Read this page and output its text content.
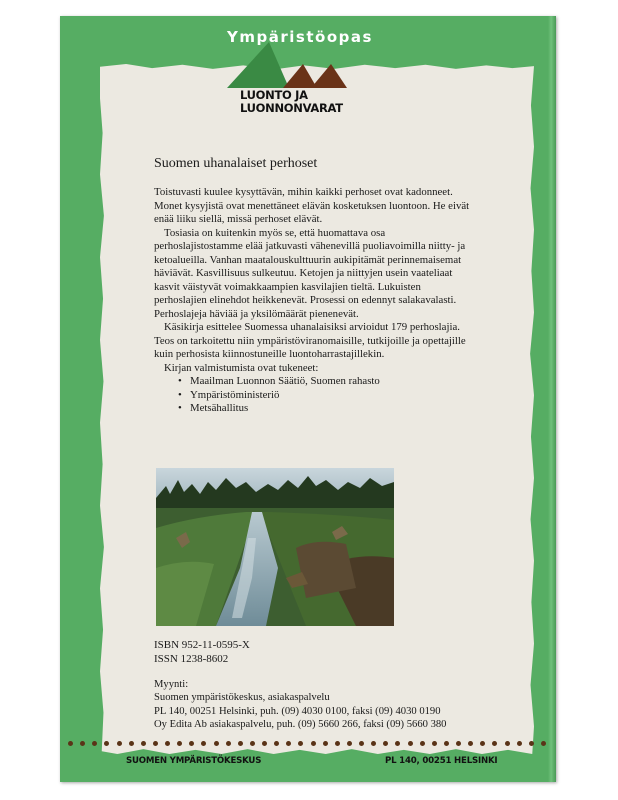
Ympäristöopas
LUONTO JA
LUONNONVARAT
Suomen uhanalaiset perhoset

Toistuvasti kuulee kysyttävän, mihin kaikki perhoset ovat kadonneet. Monet kysyjistä ovat menettäneet elävän kosketuksen luontoon. He eivät enää liiku siellä, missä perhoset elävät.

Tosiasia on kuitenkin myös se, että huomattava osa perhoslajistostamme elää jatkuvasti vähenevillä puoliavoimilla niitty- ja ketoalueilla. Vanhan maatalouskulttuurin aukipitämät perinnemaisemat häviävät. Kasvillisuus sulkeutuu. Ketojen ja niittyjen usein vaateliaat kasvit väistyvät voimakkaampien kasvilajien tieltä. Lukuisten perhoslajien elinehdot heikkenevät. Prosessi on edennyt salakavalasti. Perhoslajeja häviää ja yksilömäärät pienenevät.

Käsikirja esittelee Suomessa uhanalaisiksi arvioidut 179 perhoslajia. Teos on tarkoitettu niin ympäristöviranomaisille, tutkijoille ja opettajille kuin perhosista kiinnostuneille luontoharrastajillekin.

Kirjan valmistumista ovat tukeneet:

• Maailman Luonnon Säätiö, Suomen rahasto
• Ympäristöministeriö
• Metsähallitus
ISBN 952-11-0595-X
ISSN 1238-8602
Myynti:
Suomen ympäristökeskus, asiakaspalvelu
PL 140, 00251 Helsinki, puh. (09) 4030 0100, faksi (09) 4030 0190
Oy Edita Ab asiakaspalvelu, puh. (09) 5660 266, faksi (09) 5660 380
SUOMEN YMPÄRISTÖKESKUS	PL 140, 00251 HELSINKI
